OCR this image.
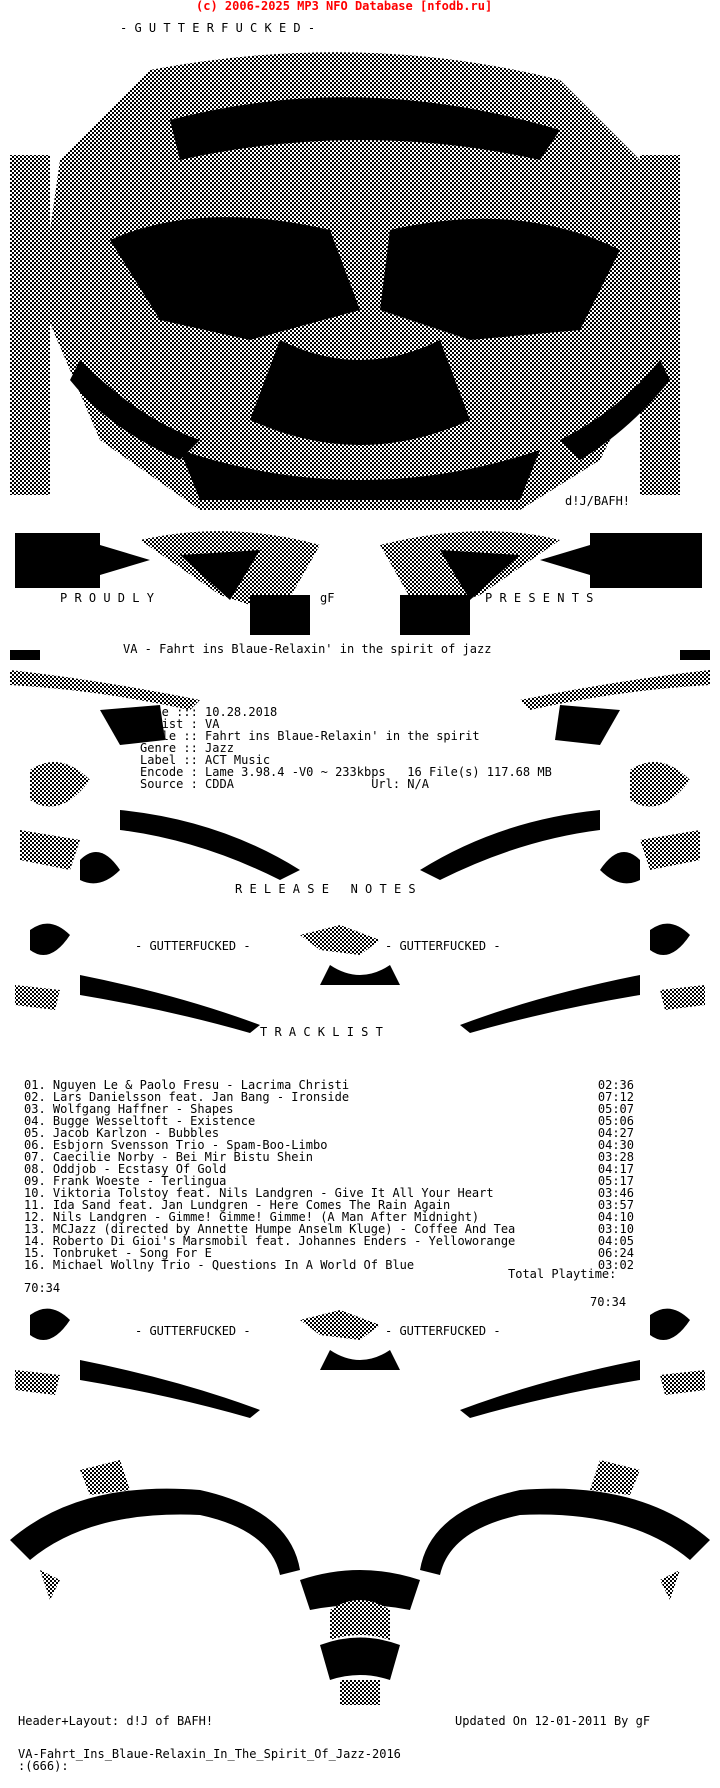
(c) 2006-2025 MP3 NFO Database [nfodb.ru]
- G U T T E R F U C K E D -
d!J/BAFH!
P R O U D L Y	gF	P R E S E N T S
VA - Fahrt ins Blaue-Relaxin' in the spirit of jazz
Date ::: 10.28.2018
Artist : VA
Title :: Fahrt ins Blaue-Relaxin' in the spirit
Genre :: Jazz
Label :: ACT Music
Encode : Lame 3.98.4 -V0 ~ 233kbps   16 File(s) 117.68 MB
Source : CDDA                   Url: N/A
R E L E A S E   N O T E S
- GUTTERFUCKED -	- GUTTERFUCKED -
T R A C K L I S T
01. Nguyen Le & Paolo Fresu - Lacrima Christi	02:36
02. Lars Danielsson feat. Jan Bang - Ironside	07:12
03. Wolfgang Haffner - Shapes	05:07
04. Bugge Wesseltoft - Existence	05:06
05. Jacob Karlzon - Bubbles	04:27
06. Esbjorn Svensson Trio - Spam-Boo-Limbo	04:30
07. Caecilie Norby - Bei Mir Bistu Shein	03:28
08. Oddjob - Ecstasy Of Gold	04:17
09. Frank Woeste - Terlingua	05:17
10. Viktoria Tolstoy feat. Nils Landgren - Give It All Your Heart	03:46
11. Ida Sand feat. Jan Lundgren - Here Comes The Rain Again	03:57
12. Nils Landgren - Gimme! Gimme! Gimme! (A Man After Midnight)	04:10
13. MCJazz (directed by Annette Humpe Anselm Kluge) - Coffee And Tea	03:10
14. Roberto Di Gioi's Marsmobil feat. Johannes Enders - Yelloworange	04:05
15. Tonbruket - Song For E	06:24
16. Michael Wollny Trio - Questions In A World Of Blue	03:02
Total Playtime:
70:34
70:34
- GUTTERFUCKED -	- GUTTERFUCKED -
Header+Layout: d!J of BAFH!	Updated On 12-01-2011 By gF
VA-Fahrt_Ins_Blaue-Relaxin_In_The_Spirit_Of_Jazz-2016
:(666):
